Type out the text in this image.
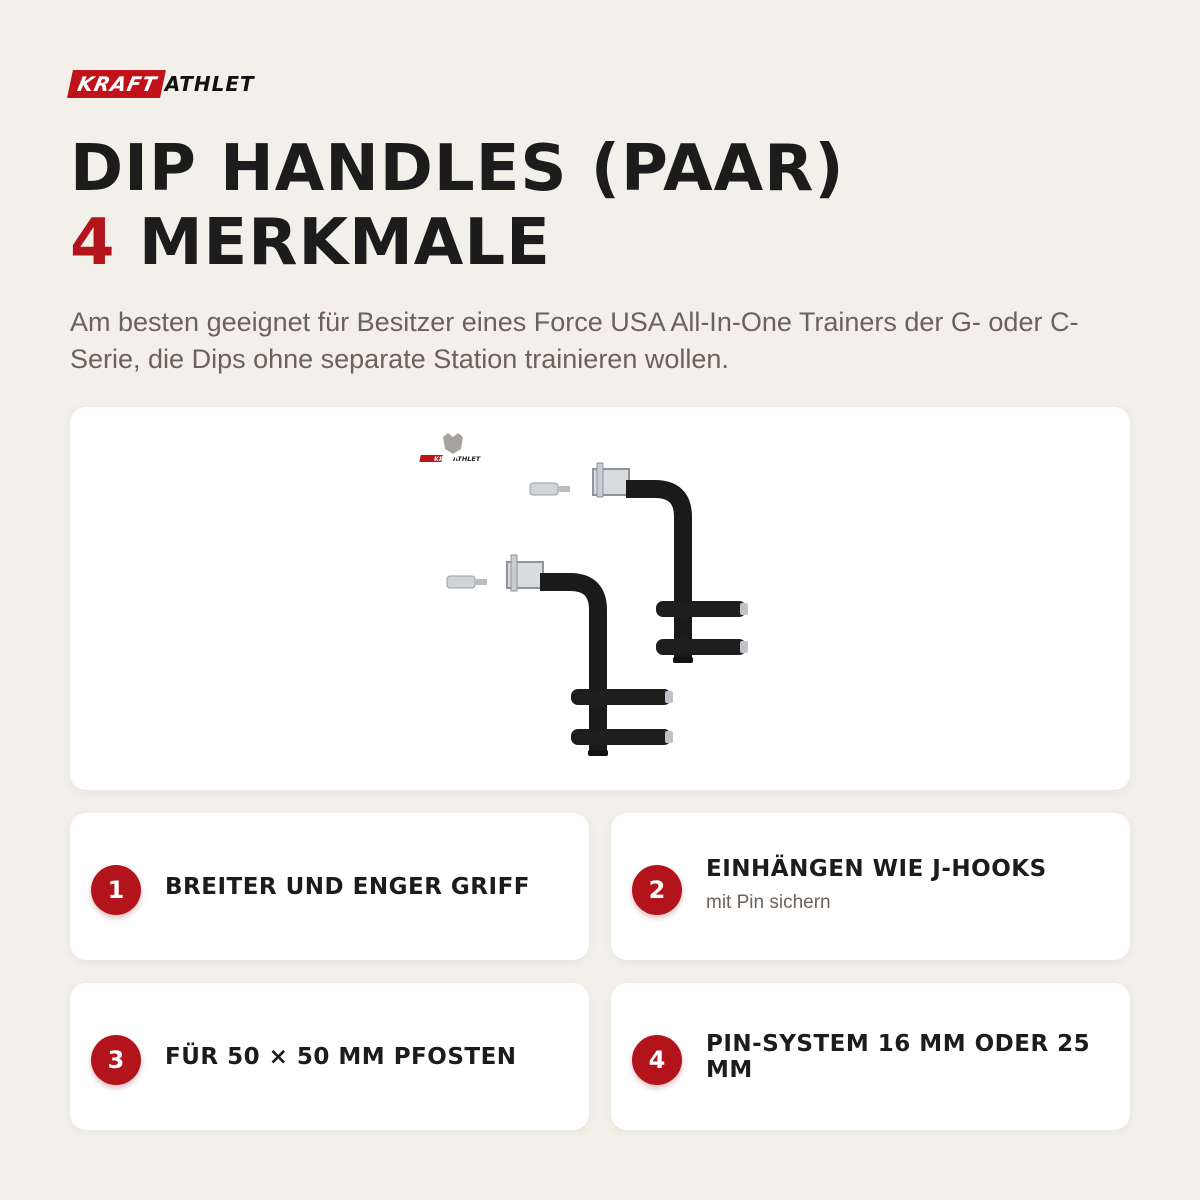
KRAFT ATHLET
DIP HANDLES (PAAR)
4 MERKMALE

Am besten geeignet für Besitzer eines Force USA All-In-One Trainers der G- oder C-Serie, die Dips ohne separate Station trainieren wollen.

ATHLET
KRAFT
1	BREITER UND ENGER GRIFF	2
EINHÄNGEN WIE J-HOOKS
mit Pin sichern
3	FÜR 50 × 50 MM PFOSTEN	4
PIN-SYSTEM 16 MM ODER 25 MM
